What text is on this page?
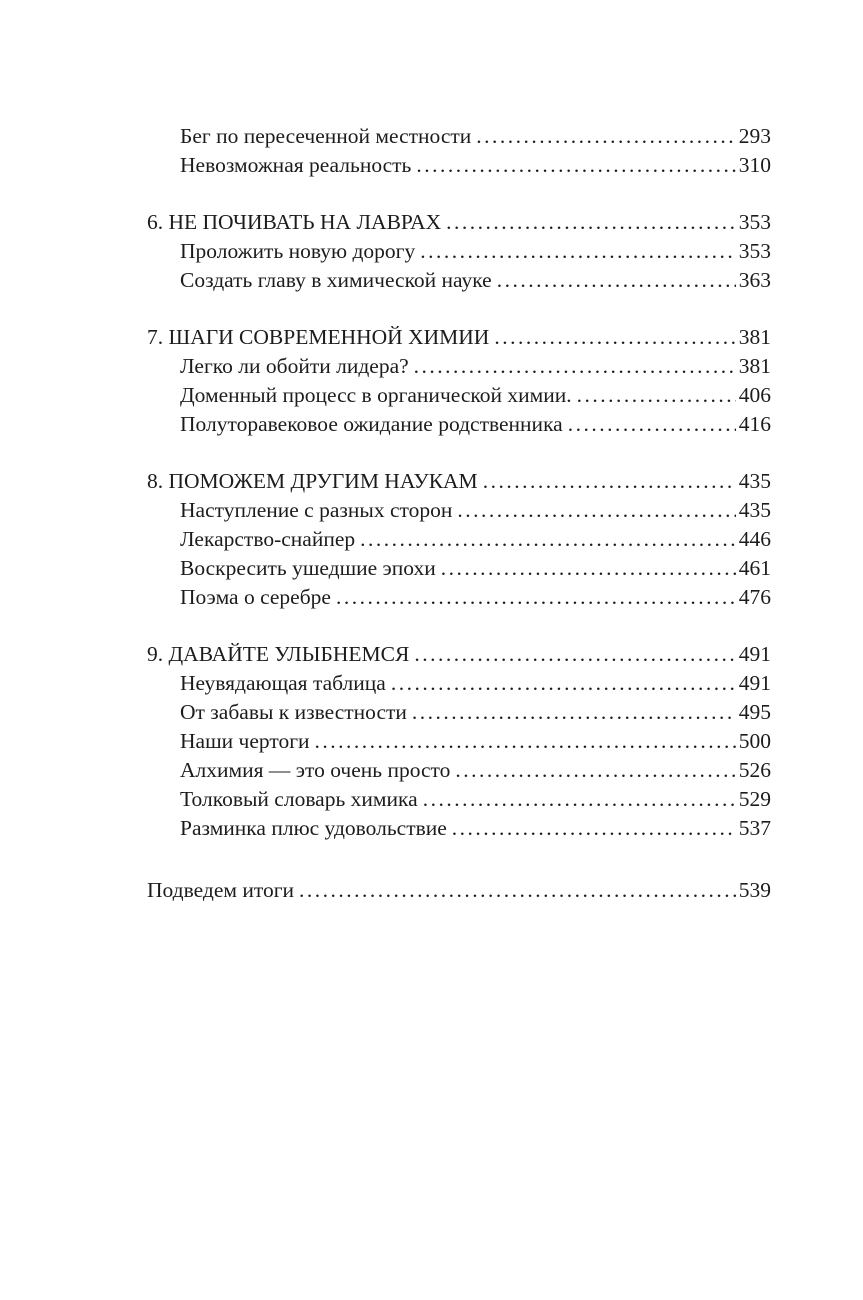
Бег по пересеченной местности .....	293
Невозможная реальность .....	310
6. НЕ ПОЧИВАТЬ НА ЛАВРАХ .....	353
Проложить новую дорогу .....	353
Создать главу в химической науке .....	363
7. ШАГИ СОВРЕМЕННОЙ ХИМИИ .....	381
Легко ли обойти лидера? .....	381
Доменный процесс в органической химии. .....	406
Полуторавековое ожидание родственника .....	416
8. ПОМОЖЕМ ДРУГИМ НАУКАМ .....	435
Наступление с разных сторон .....	435
Лекарство-снайпер .....	446
Воскресить ушедшие эпохи .....	461
Поэма о серебре .....	476
9. ДАВАЙТЕ УЛЫБНЕМСЯ .....	491
Неувядающая таблица .....	491
От забавы к известности .....	495
Наши чертоги .....	500
Алхимия — это очень просто .....	526
Толковый словарь химика .....	529
Разминка плюс удовольствие .....	537
Подведем итоги .....	539
